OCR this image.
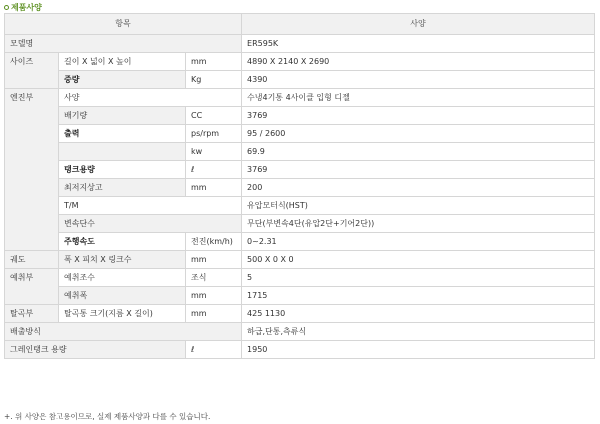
제품사양
항목			사양
모델명			ER595K
사이즈	길이 X 넓이 X 높이	mm	4890 X 2140 X 2690
	중량	Kg	4390
엔진부	사양		수냉4기통 4사이클 입형 디젤
	배기량	CC	3769
	출력	ps/rpm	95 / 2600
		kw	69.9
	탱크용량	ℓ	3769
	최저지상고	mm	200
	T/M		유압모터식(HST)
	변속단수		무단(부변속4단(유압2단+기어2단))
	주행속도	전진(km/h)	0~2.31
궤도	폭 X 피치 X 링크수	mm	500 X 0 X 0
예취부	예취조수	조식	5
	예취폭	mm	1715
탈곡부	탈곡통 크기(지름 X 길이)	mm	425 1130
배출방식			하급,단통,측류식
그레인탱크 용량		ℓ	1950
+. 위 사양은 참고용이므로, 실제 제품사양과 다를 수 있습니다.
